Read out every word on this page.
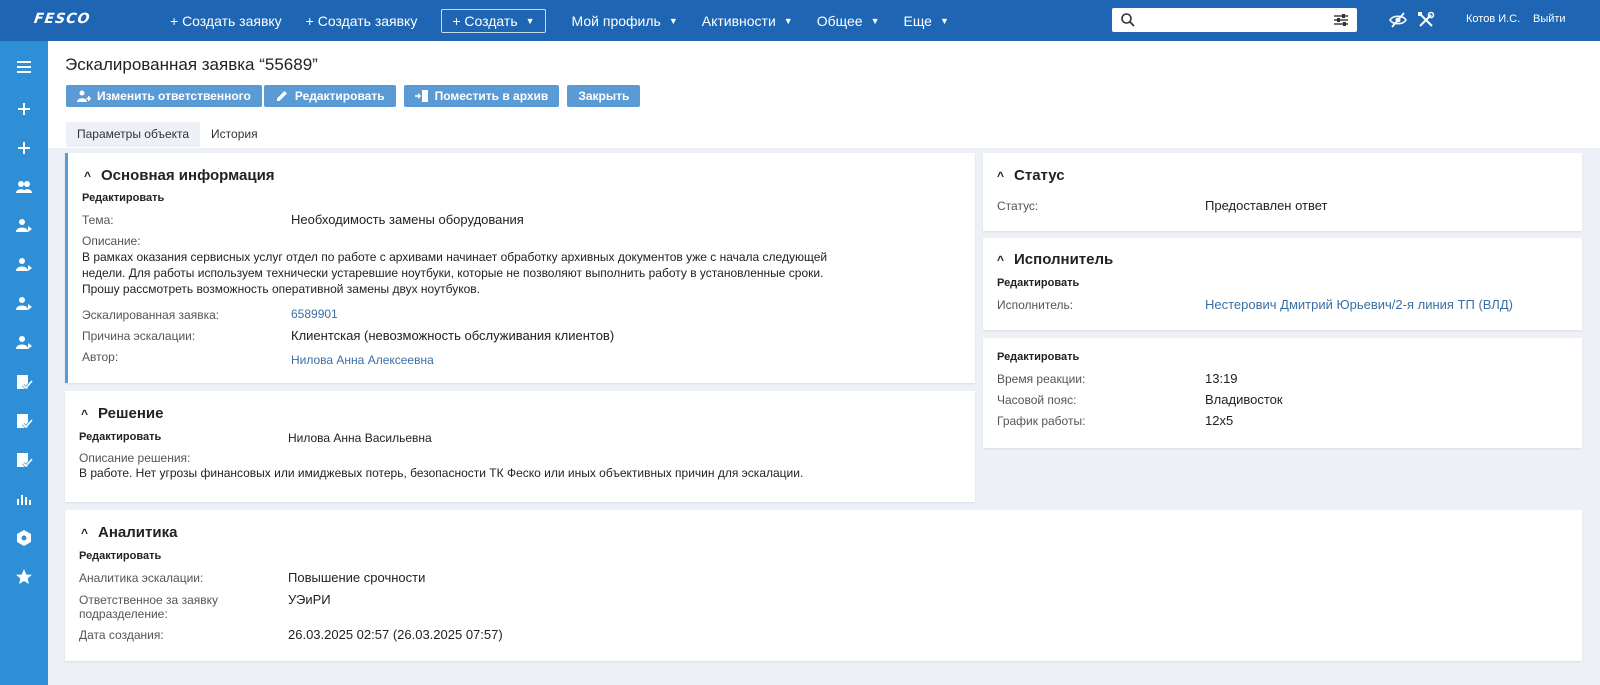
FESCO	+ Создать заявку + Создать заявку	+ Создать ▼	Мой профиль ▼ Активности ▼ Общее ▼ Еще ▼	Котов И.С. Выйти
Эскалированная заявка “55689”
Изменить ответственного	Редактировать	Поместить в архив	Закрыть
Параметры объекта	История
^ Основная информация
Редактировать
Тема:	Необходимость замены оборудования
Описание:
В рамках оказания сервисных услуг отдел по работе с архивами начинает обработку архивных документов уже с начала следующей
недели. Для работы используем технически устаревшие ноутбуки, которые не позволяют выполнить работу в установленные сроки.
Прошу рассмотреть возможность оперативной замены двух ноутбуков.
Эскалированная заявка:	6589901
Причина эскалации:	Клиентская (невозможность обслуживания клиентов)
Автор:	Нилова Анна Алексеевна
^ Решение
Редактировать	Нилова Анна Васильевна
Описание решения:
В работе. Нет угрозы финансовых или имиджевых потерь, безопасности ТК Феско или иных объективных причин для эскалации.
^ Статус
Статус:	Предоставлен ответ
^ Исполнитель
Редактировать
Исполнитель:	Нестерович Дмитрий Юрьевич/2-я линия ТП (ВЛД)
Редактировать
Время реакции:	13:19
Часовой пояс:	Владивосток
График работы:	12х5
^ Аналитика
Редактировать
Аналитика эскалации:	Повышение срочности
Ответственное за заявку
подразделение:
УЭиРИ
Дата создания:	26.03.2025 02:57 (26.03.2025 07:57)
